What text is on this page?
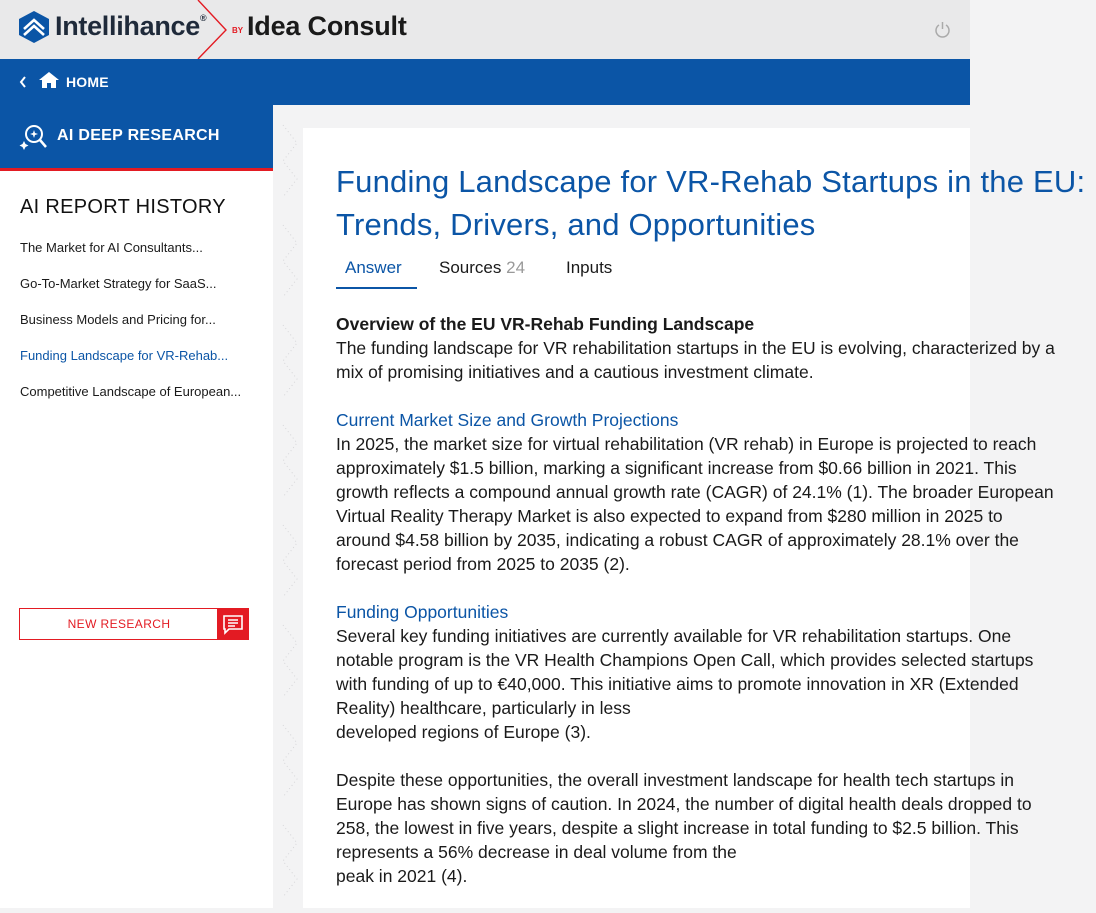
Intellihance®
BY Idea Consult
HOME
AI DEEP RESEARCH
AI REPORT HISTORY
The Market for AI Consultants...
Go-To-Market Strategy for SaaS...
Business Models and Pricing for...
Funding Landscape for VR-Rehab...
Competitive Landscape of European...
NEW RESEARCH
Funding Landscape for VR-Rehab Startups in the EU: Trends, Drivers, and Opportunities
Answer Sources 24 Inputs

Overview of the EU VR-Rehab Funding Landscape

The funding landscape for VR rehabilitation startups in the EU is evolving, characterized by a
mix of promising initiatives and a cautious investment climate.

Current Market Size and Growth Projections

In 2025, the market size for virtual rehabilitation (VR rehab) in Europe is projected to reach
approximately $1.5 billion, marking a significant increase from $0.66 billion in 2021. This
growth reflects a compound annual growth rate (CAGR) of 24.1% (1). The broader European
Virtual Reality Therapy Market is also expected to expand from $280 million in 2025 to
around $4.58 billion by 2035, indicating a robust CAGR of approximately 28.1% over the
forecast period from 2025 to 2035 (2).

Funding Opportunities

Several key funding initiatives are currently available for VR rehabilitation startups. One
notable program is the VR Health Champions Open Call, which provides selected startups
with funding of up to €40,000. This initiative aims to promote innovation in XR (Extended
Reality) healthcare, particularly in less
developed regions of Europe (3).

Despite these opportunities, the overall investment landscape for health tech startups in
Europe has shown signs of caution. In 2024, the number of digital health deals dropped to
258, the lowest in five years, despite a slight increase in total funding to $2.5 billion. This
represents a 56% decrease in deal volume from the
peak in 2021 (4).
